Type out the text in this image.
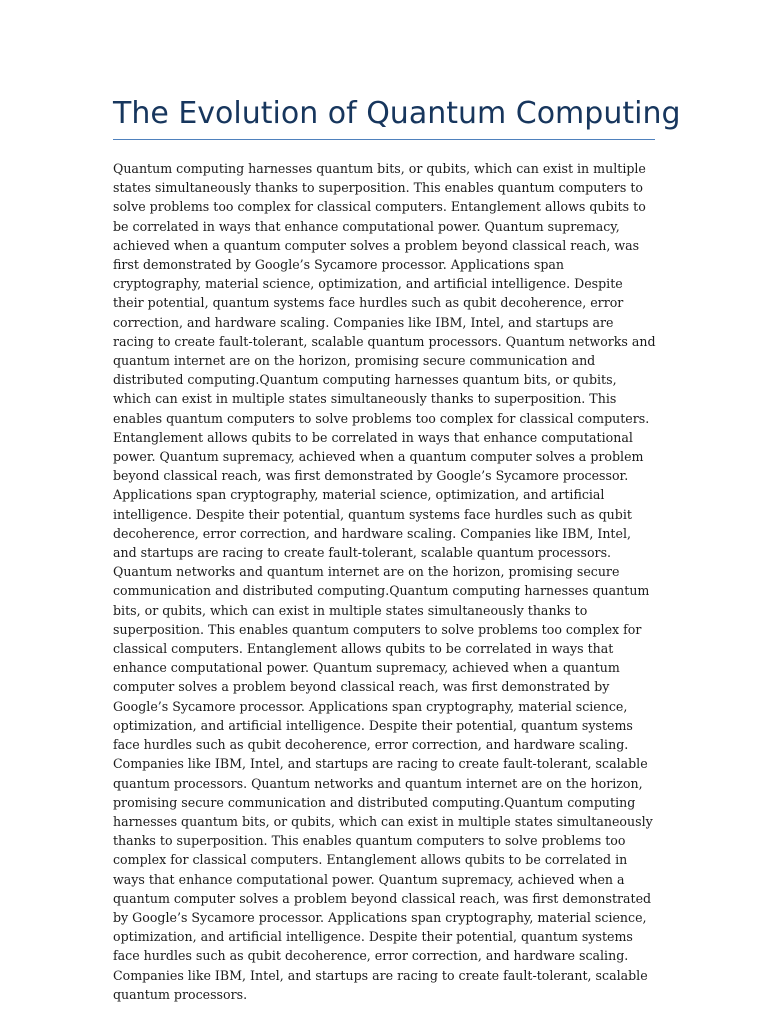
The Evolution of Quantum Computing

Quantum computing harnesses quantum bits, or qubits, which can exist in multiple states simultaneously thanks to superposition. This enables quantum computers to solve problems too complex for classical computers. Entanglement allows qubits to be correlated in ways that enhance computational power. Quantum supremacy, achieved when a quantum computer solves a problem beyond classical reach, was first demonstrated by Google’s Sycamore processor. Applications span cryptography, material science, optimization, and artificial intelligence. Despite their potential, quantum systems face hurdles such as qubit decoherence, error correction, and hardware scaling. Companies like IBM, Intel, and startups are racing to create fault-tolerant, scalable quantum processors. Quantum networks and quantum internet are on the horizon, promising secure communication and distributed computing.Quantum computing harnesses quantum bits, or qubits, which can exist in multiple states simultaneously thanks to superposition. This enables quantum computers to solve problems too complex for classical computers. Entanglement allows qubits to be correlated in ways that enhance computational power. Quantum supremacy, achieved when a quantum computer solves a problem beyond classical reach, was first demonstrated by Google’s Sycamore processor. Applications span cryptography, material science, optimization, and artificial intelligence. Despite their potential, quantum systems face hurdles such as qubit decoherence, error correction, and hardware scaling. Companies like IBM, Intel, and startups are racing to create fault-tolerant, scalable quantum processors. Quantum networks and quantum internet are on the horizon, promising secure communication and distributed computing.Quantum computing harnesses quantum bits, or qubits, which can exist in multiple states simultaneously thanks to superposition. This enables quantum computers to solve problems too complex for classical computers. Entanglement allows qubits to be correlated in ways that enhance computational power. Quantum supremacy, achieved when a quantum computer solves a problem beyond classical reach, was first demonstrated by Google’s Sycamore processor. Applications span cryptography, material science, optimization, and artificial intelligence. Despite their potential, quantum systems face hurdles such as qubit decoherence, error correction, and hardware scaling. Companies like IBM, Intel, and startups are racing to create fault-tolerant, scalable quantum processors. Quantum networks and quantum internet are on the horizon, promising secure communication and distributed computing.Quantum computing harnesses quantum bits, or qubits, which can exist in multiple states simultaneously thanks to superposition. This enables quantum computers to solve problems too complex for classical computers. Entanglement allows qubits to be correlated in ways that enhance computational power. Quantum supremacy, achieved when a quantum computer solves a problem beyond classical reach, was first demonstrated by Google’s Sycamore processor. Applications span cryptography, material science, optimization, and artificial intelligence. Despite their potential, quantum systems face hurdles such as qubit decoherence, error correction, and hardware scaling. Companies like IBM, Intel, and startups are racing to create fault-tolerant, scalable quantum processors.
